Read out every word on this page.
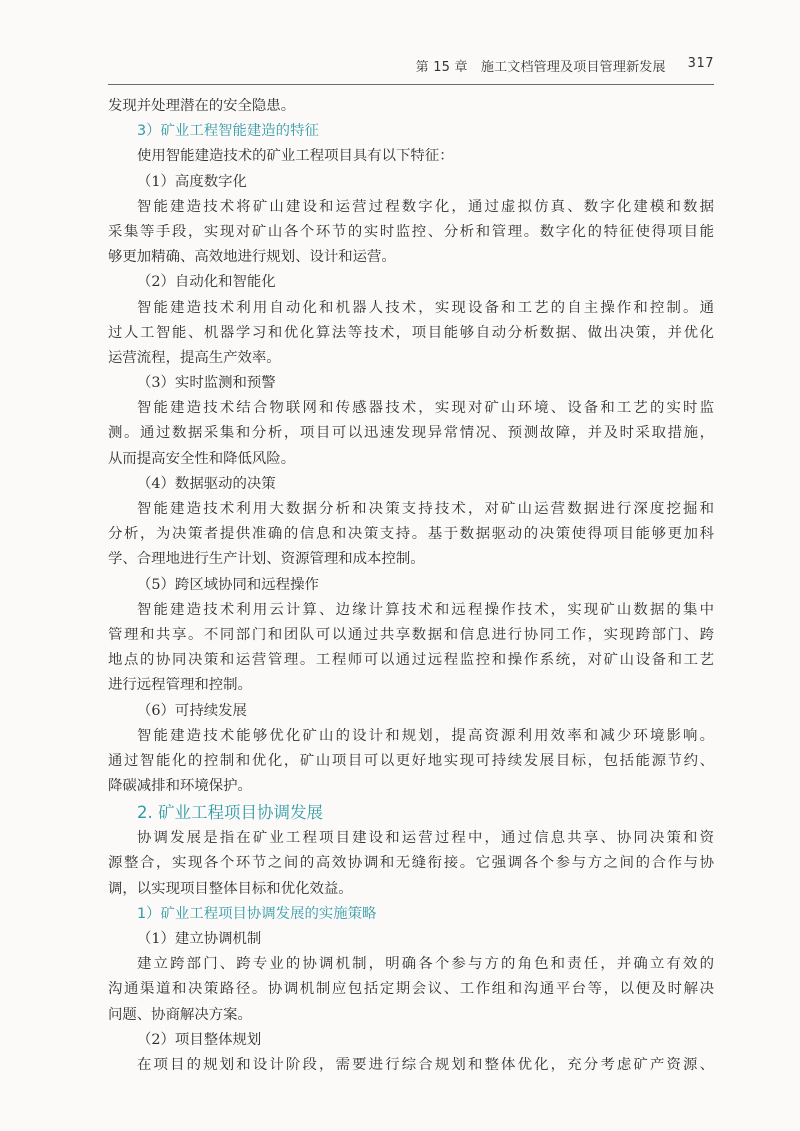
第 15 章　施工文档管理及项目管理新发展 317
发现并处理潜在的安全隐患。
3）矿业工程智能建造的特征
使用智能建造技术的矿业工程项目具有以下特征：
（1）高度数字化
智能建造技术将矿山建设和运营过程数字化，通过虚拟仿真、数字化建模和数据
采集等手段，实现对矿山各个环节的实时监控、分析和管理。数字化的特征使得项目能
够更加精确、高效地进行规划、设计和运营。
（2）自动化和智能化
智能建造技术利用自动化和机器人技术，实现设备和工艺的自主操作和控制。通
过人工智能、机器学习和优化算法等技术，项目能够自动分析数据、做出决策，并优化
运营流程，提高生产效率。
（3）实时监测和预警
智能建造技术结合物联网和传感器技术，实现对矿山环境、设备和工艺的实时监
测。通过数据采集和分析，项目可以迅速发现异常情况、预测故障，并及时采取措施，
从而提高安全性和降低风险。
（4）数据驱动的决策
智能建造技术利用大数据分析和决策支持技术，对矿山运营数据进行深度挖掘和
分析，为决策者提供准确的信息和决策支持。基于数据驱动的决策使得项目能够更加科
学、合理地进行生产计划、资源管理和成本控制。
（5）跨区域协同和远程操作
智能建造技术利用云计算、边缘计算技术和远程操作技术，实现矿山数据的集中
管理和共享。不同部门和团队可以通过共享数据和信息进行协同工作，实现跨部门、跨
地点的协同决策和运营管理。工程师可以通过远程监控和操作系统，对矿山设备和工艺
进行远程管理和控制。
（6）可持续发展
智能建造技术能够优化矿山的设计和规划，提高资源利用效率和减少环境影响。
通过智能化的控制和优化，矿山项目可以更好地实现可持续发展目标，包括能源节约、
降碳减排和环境保护。
2. 矿业工程项目协调发展
协调发展是指在矿业工程项目建设和运营过程中，通过信息共享、协同决策和资
源整合，实现各个环节之间的高效协调和无缝衔接。它强调各个参与方之间的合作与协
调，以实现项目整体目标和优化效益。
1）矿业工程项目协调发展的实施策略
（1）建立协调机制
建立跨部门、跨专业的协调机制，明确各个参与方的角色和责任，并确立有效的
沟通渠道和决策路径。协调机制应包括定期会议、工作组和沟通平台等，以便及时解决
问题、协商解决方案。
（2）项目整体规划
在项目的规划和设计阶段，需要进行综合规划和整体优化，充分考虑矿产资源、
